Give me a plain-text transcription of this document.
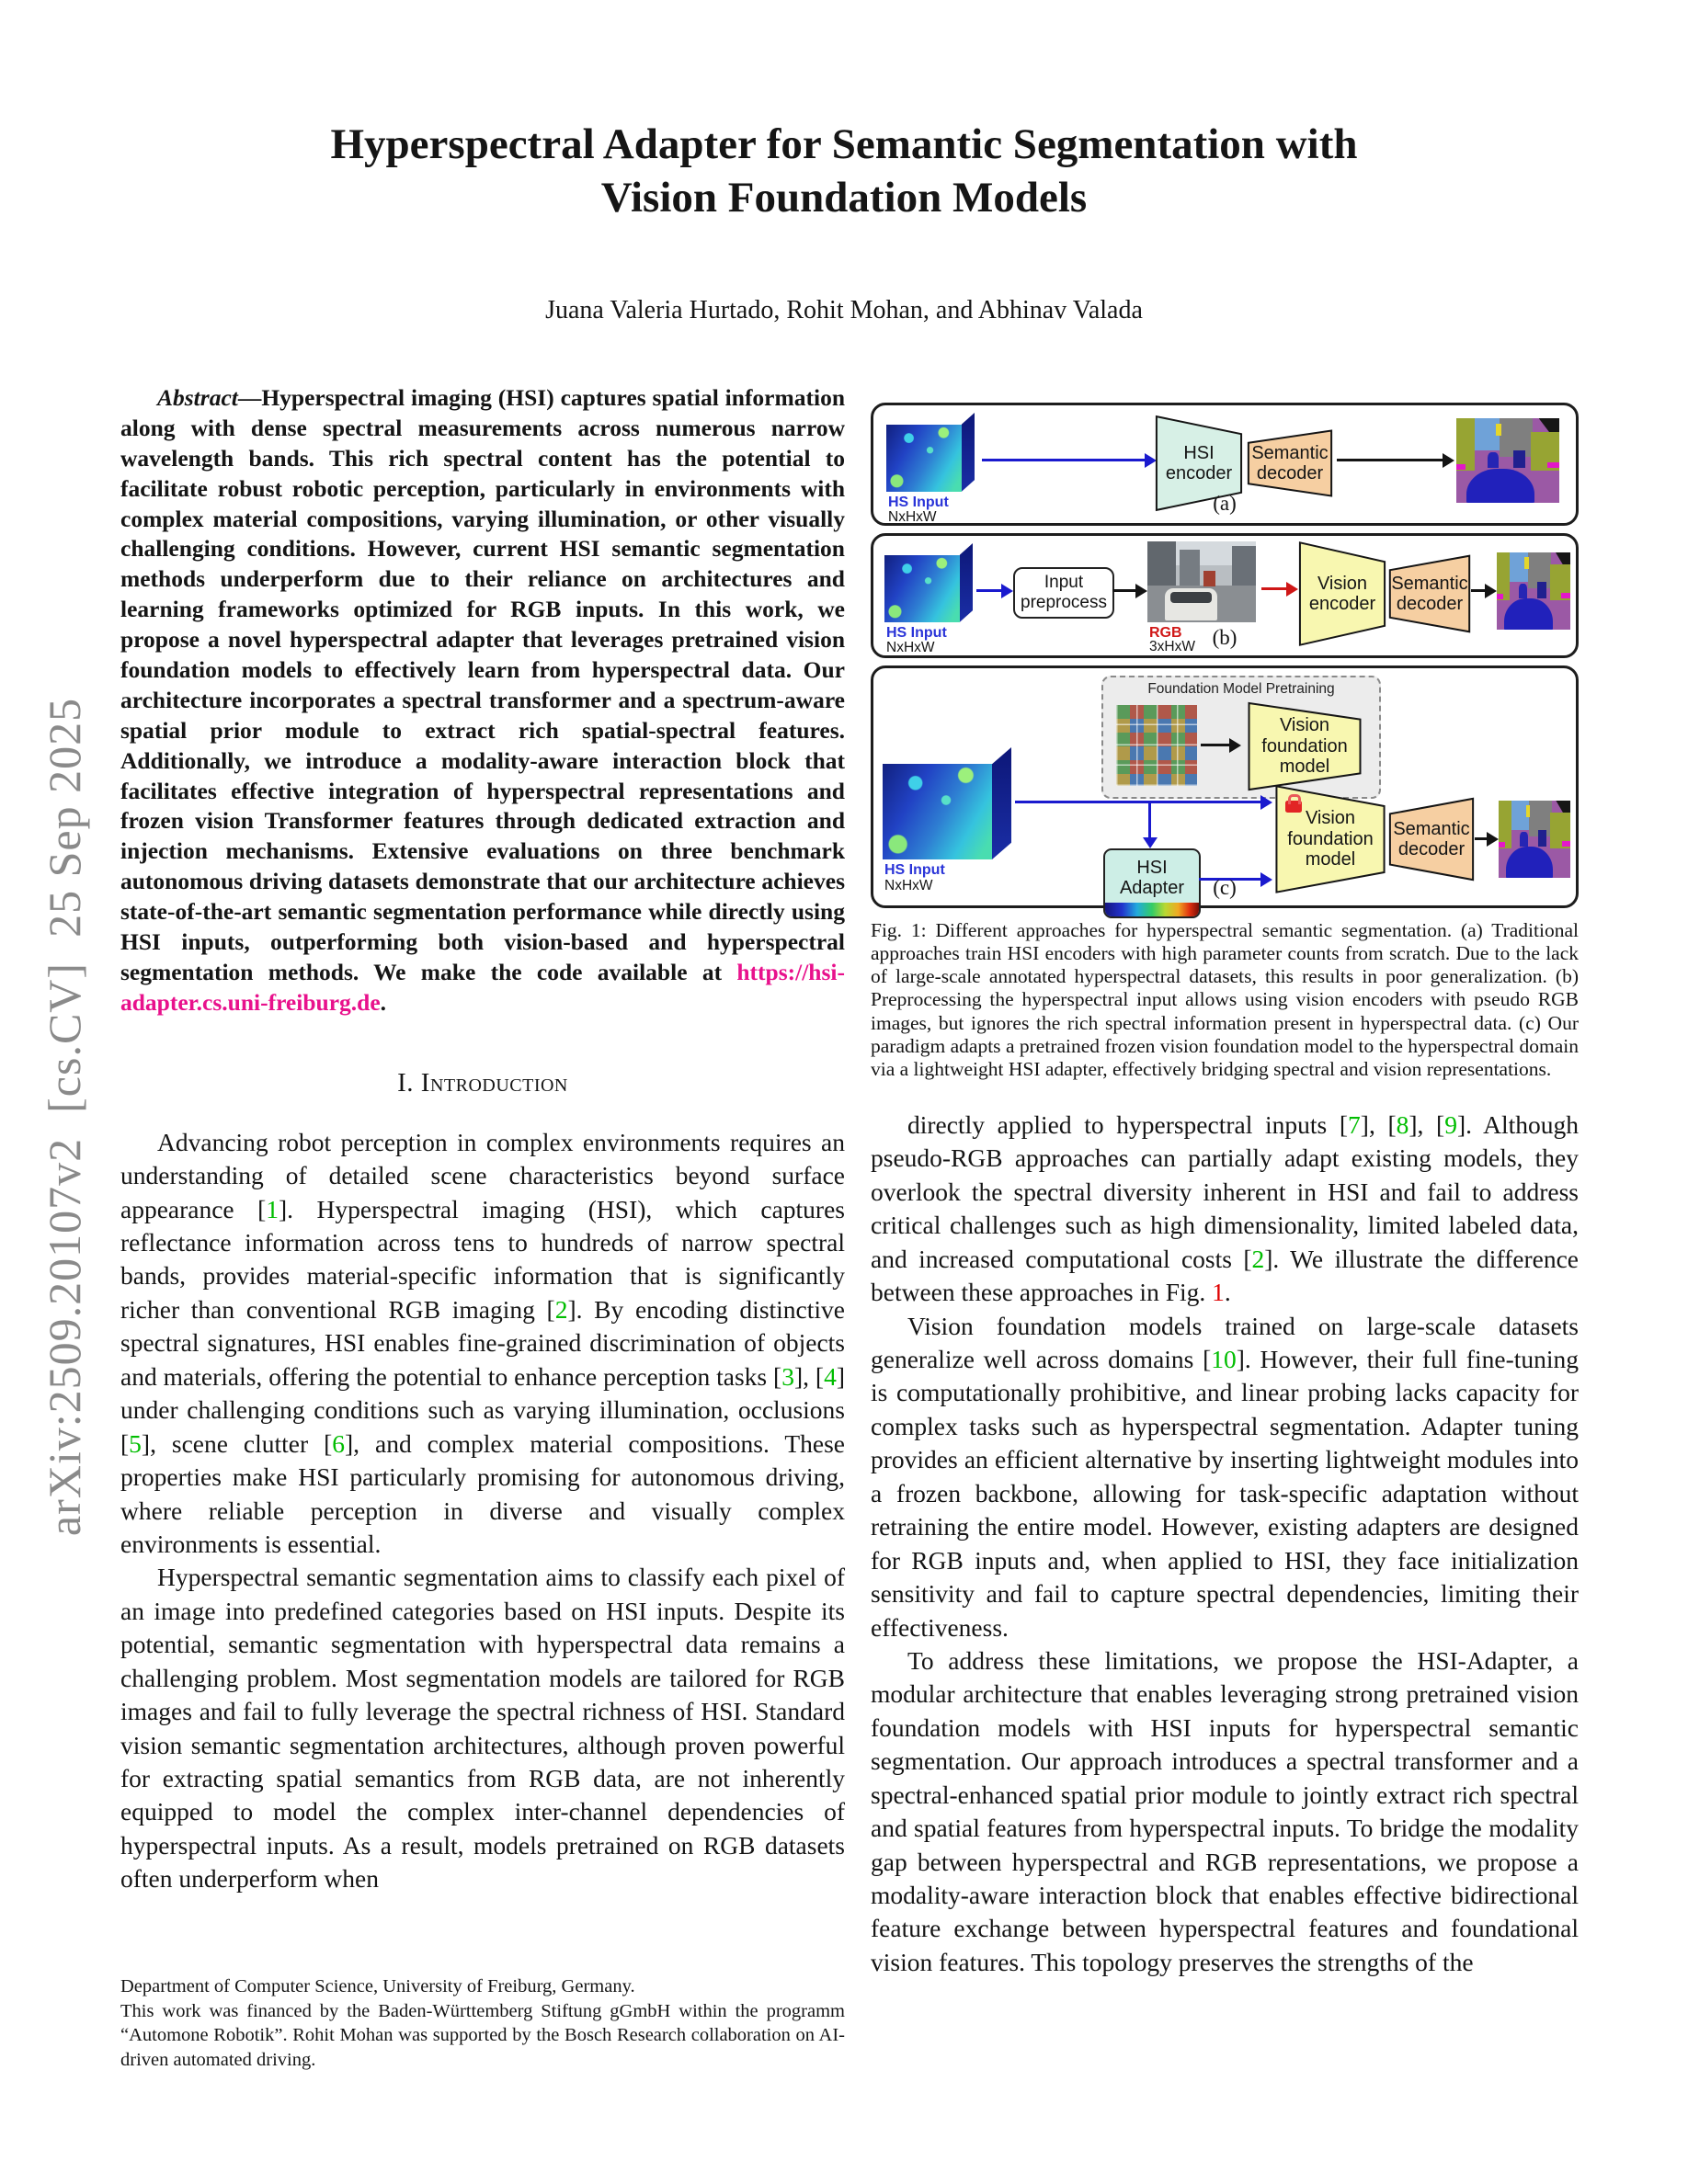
arXiv:2509.20107v2  [cs.CV]  25 Sep 2025
Hyperspectral Adapter for Semantic Segmentation with Vision Foundation Models
Juana Valeria Hurtado, Rohit Mohan, and Abhinav Valada

Abstract—Hyperspectral imaging (HSI) captures spatial information along with dense spectral measurements across numerous narrow wavelength bands. This rich spectral content has the potential to facilitate robust robotic perception, particularly in environments with complex material compositions, varying illumination, or other visually challenging conditions. However, current HSI semantic segmentation methods underperform due to their reliance on architectures and learning frameworks optimized for RGB inputs. In this work, we propose a novel hyperspectral adapter that leverages pretrained vision foundation models to effectively learn from hyperspectral data. Our architecture incorporates a spectral transformer and a spectrum-aware spatial prior module to extract rich spatial-spectral features. Additionally, we introduce a modality-aware interaction block that facilitates effective integration of hyperspectral representations and frozen vision Transformer features through dedicated extraction and injection mechanisms. Extensive evaluations on three benchmark autonomous driving datasets demonstrate that our architecture achieves state-of-the-art semantic segmentation performance while directly using HSI inputs, outperforming both vision-based and hyperspectral segmentation methods. We make the code available at https://hsi-adapter.cs.uni-freiburg.de.

I. Introduction

Advancing robot perception in complex environments requires an understanding of detailed scene characteristics beyond surface appearance [1]. Hyperspectral imaging (HSI), which captures reflectance information across tens to hundreds of narrow spectral bands, provides material-specific information that is significantly richer than conventional RGB imaging [2]. By encoding distinctive spectral signatures, HSI enables fine-grained discrimination of objects and materials, offering the potential to enhance perception tasks [3], [4] under challenging conditions such as varying illumination, occlusions [5], scene clutter [6], and complex material compositions. These properties make HSI particularly promising for autonomous driving, where reliable perception in diverse and visually complex environments is essential.

Hyperspectral semantic segmentation aims to classify each pixel of an image into predefined categories based on HSI inputs. Despite its potential, semantic segmentation with hyperspectral data remains a challenging problem. Most segmentation models are tailored for RGB images and fail to fully leverage the spectral richness of HSI. Standard vision semantic segmentation architectures, although proven powerful for extracting spatial semantics from RGB data, are not inherently equipped to model the complex inter-channel dependencies of hyperspectral inputs. As a result, models pretrained on RGB datasets often underperform when

Department of Computer Science, University of Freiburg, Germany.

This work was financed by the Baden-Württemberg Stiftung gGmbH within the programm “Automone Robotik”. Rohit Mohan was supported by the Bosch Research collaboration on AI-driven automated driving.

HS Input
NxHxW
HSI encoder
Semantic decoder
(a)
HS Input
NxHxW
Input preprocess
RGB
3xHxW
Vision encoder
Semantic decoder
(b)
Foundation Model Pretraining
Vision foundation model
HS Input
NxHxW
HSI Adapter
Vision foundation model
Semantic decoder
(c)
Fig. 1: Different approaches for hyperspectral semantic segmentation. (a) Traditional approaches train HSI encoders with high parameter counts from scratch. Due to the lack of large-scale annotated hyperspectral datasets, this results in poor generalization. (b) Preprocessing the hyperspectral input allows using vision encoders with pseudo RGB images, but ignores the rich spectral information present in hyperspectral data. (c) Our paradigm adapts a pretrained frozen vision foundation model to the hyperspectral domain via a lightweight HSI adapter, effectively bridging spectral and vision representations.

directly applied to hyperspectral inputs [7], [8], [9]. Although pseudo-RGB approaches can partially adapt existing models, they overlook the spectral diversity inherent in HSI and fail to address critical challenges such as high dimensionality, limited labeled data, and increased computational costs [2]. We illustrate the difference between these approaches in Fig. 1.

Vision foundation models trained on large-scale datasets generalize well across domains [10]. However, their full fine-tuning is computationally prohibitive, and linear probing lacks capacity for complex tasks such as hyperspectral segmentation. Adapter tuning provides an efficient alternative by inserting lightweight modules into a frozen backbone, allowing for task-specific adaptation without retraining the entire model. However, existing adapters are designed for RGB inputs and, when applied to HSI, they face initialization sensitivity and fail to capture spectral dependencies, limiting their effectiveness.

To address these limitations, we propose the HSI-Adapter, a modular architecture that enables leveraging strong pretrained vision foundation models with HSI inputs for hyperspectral semantic segmentation. Our approach introduces a spectral transformer and a spectral-enhanced spatial prior module to jointly extract rich spectral and spatial features from hyperspectral inputs. To bridge the modality gap between hyperspectral and RGB representations, we propose a modality-aware interaction block that enables effective bidirectional feature exchange between hyperspectral features and foundational vision features. This topology preserves the strengths of the
